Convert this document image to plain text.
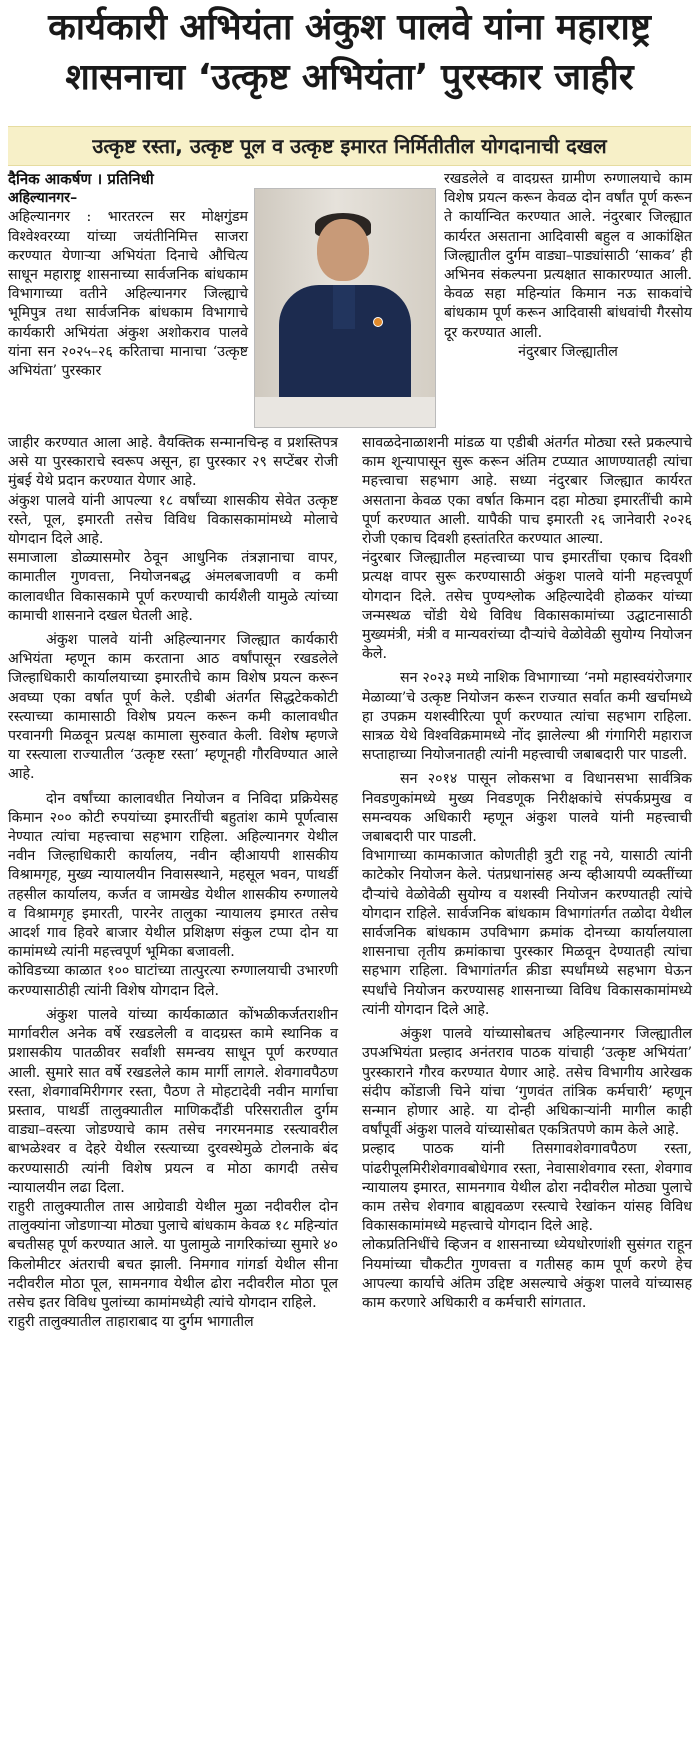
कार्यकारी अभियंता अंकुश पालवे यांना महाराष्ट्र
शासनाचा ‘उत्कृष्ट अभियंता’ पुरस्कार जाहीर
उत्कृष्ट रस्ता, उत्कृष्ट पूल व उत्कृष्ट इमारत निर्मितीतील योगदानाची दखल

दैनिक आकर्षण । प्रतिनिधी

अहिल्यानगर–

अहिल्यानगर : भारतरत्न सर मोक्षगुंडम विश्वेश्वरय्या यांच्या जयंतीनिमित्त साजरा करण्यात येणाऱ्या अभियंता दिनाचे औचित्य साधून महाराष्ट्र शासनाच्या सार्वजनिक बांधकाम विभागाच्या वतीने अहिल्यानगर जिल्ह्याचे भूमिपुत्र तथा सार्वजनिक बांधकाम विभागाचे कार्यकारी अभियंता अंकुश अशोकराव पालवे यांना सन २०२५–२६ करिताचा मानाचा ‘उत्कृष्ट अभियंता’ पुरस्कार

जाहीर करण्यात आला आहे. वैयक्तिक सन्मानचिन्ह व प्रशस्तिपत्र असे या पुरस्काराचे स्वरूप असून, हा पुरस्कार २९ सप्टेंबर रोजी मुंबई येथे प्रदान करण्यात येणार आहे.

अंकुश पालवे यांनी आपल्या १८ वर्षांच्या शासकीय सेवेत उत्कृष्ट रस्ते, पूल, इमारती तसेच विविध विकासकामांमध्ये मोलाचे योगदान दिले आहे.

समाजाला डोळ्यासमोर ठेवून आधुनिक तंत्रज्ञानाचा वापर, कामातील गुणवत्ता, नियोजनबद्ध अंमलबजावणी व कमी कालावधीत विकासकामे पूर्ण करण्याची कार्यशैली यामुळे त्यांच्या कामाची शासनाने दखल घेतली आहे.

अंकुश पालवे यांनी अहिल्यानगर जिल्ह्यात कार्यकारी अभियंता म्हणून काम करताना आठ वर्षांपासून रखडलेले जिल्हाधिकारी कार्यालयाच्या इमारतीचे काम विशेष प्रयत्न करून अवघ्या एका वर्षात पूर्ण केले. एडीबी अंतर्गत सिद्धटेककोटी रस्त्याच्या कामासाठी विशेष प्रयत्न करून कमी कालावधीत परवानगी मिळवून प्रत्यक्ष कामाला सुरुवात केली. विशेष म्हणजे या रस्त्याला राज्यातील ‘उत्कृष्ट रस्ता’ म्हणूनही गौरविण्यात आले आहे.

दोन वर्षांच्या कालावधीत नियोजन व निविदा प्रक्रियेसह किमान २०० कोटी रुपयांच्या इमारतींची बहुतांश कामे पूर्णत्वास नेण्यात त्यांचा महत्त्वाचा सहभाग राहिला. अहिल्यानगर येथील नवीन जिल्हाधिकारी कार्यालय, नवीन व्हीआयपी शासकीय विश्रामगृह, मुख्य न्यायालयीन निवासस्थाने, महसूल भवन, पाथर्डी तहसील कार्यालय, कर्जत व जामखेड येथील शासकीय रुग्णालये व विश्रामगृह इमारती, पारनेर तालुका न्यायालय इमारत तसेच आदर्श गाव हिवरे बाजार येथील प्रशिक्षण संकुल टप्पा दोन या कामांमध्ये त्यांनी महत्त्वपूर्ण भूमिका बजावली.

कोविडच्या काळात १०० घाटांच्या तात्पुरत्या रुग्णालयाची उभारणी करण्यासाठीही त्यांनी विशेष योगदान दिले.

अंकुश पालवे यांच्या कार्यकाळात कोंभळीकर्जतराशीन मार्गावरील अनेक वर्षे रखडलेली व वादग्रस्त कामे स्थानिक व प्रशासकीय पातळीवर सर्वांशी समन्वय साधून पूर्ण करण्यात आली. सुमारे सात वर्षे रखडलेले काम मार्गी लागले. शेवगावपैठण रस्ता, शेवगावमिरीगगर रस्ता, पैठण ते मोहटादेवी नवीन मार्गाचा प्रस्ताव, पाथर्डी तालुक्यातील माणिकदौंडी परिसरातील दुर्गम वाड्या–वस्त्या जोडण्याचे काम तसेच नगरमनमाड रस्त्यावरील बाभळेश्वर व देहरे येथील रस्त्याच्या दुरवस्थेमुळे टोलनाके बंद करण्यासाठी त्यांनी विशेष प्रयत्न व मोठा कागदी तसेच न्यायालयीन लढा दिला.

राहुरी तालुक्यातील तास आग्रेवाडी येथील मुळा नदीवरील दोन तालुक्यांना जोडणाऱ्या मोठ्या पुलाचे बांधकाम केवळ १८ महिन्यांत बचतीसह पूर्ण करण्यात आले. या पुलामुळे नागरिकांच्या सुमारे ४० किलोमीटर अंतराची बचत झाली. निमगाव गांगर्डा येथील सीना नदीवरील मोठा पूल, सामनगाव येथील ढोरा नदीवरील मोठा पूल तसेच इतर विविध पुलांच्या कामांमध्येही त्यांचे योगदान राहिले.

राहुरी तालुक्यातील ताहाराबाद या दुर्गम भागातील

रखडलेले व वादग्रस्त ग्रामीण रुग्णालयाचे काम विशेष प्रयत्न करून केवळ दोन वर्षांत पूर्ण करून ते कार्यान्वित करण्यात आले. नंदुरबार जिल्ह्यात कार्यरत असताना आदिवासी बहुल व आकांक्षित जिल्ह्यातील दुर्गम वाड्या–पाड्यांसाठी ‘साकव’ ही अभिनव संकल्पना प्रत्यक्षात साकारण्यात आली. केवळ सहा महिन्यांत किमान नऊ साकवांचे बांधकाम पूर्ण करून आदिवासी बांधवांची गैरसोय दूर करण्यात आली.

नंदुरबार जिल्ह्यातील

सावळदेनाळाशनी मांडळ या एडीबी अंतर्गत मोठ्या रस्ते प्रकल्पाचे काम शून्यापासून सुरू करून अंतिम टप्प्यात आणण्यातही त्यांचा महत्त्वाचा सहभाग आहे. सध्या नंदुरबार जिल्ह्यात कार्यरत असताना केवळ एका वर्षात किमान दहा मोठ्या इमारतींची कामे पूर्ण करण्यात आली. यापैकी पाच इमारती २६ जानेवारी २०२६ रोजी एकाच दिवशी हस्तांतरित करण्यात आल्या.

नंदुरबार जिल्ह्यातील महत्त्वाच्या पाच इमारतींचा एकाच दिवशी प्रत्यक्ष वापर सुरू करण्यासाठी अंकुश पालवे यांनी महत्त्वपूर्ण योगदान दिले. तसेच पुण्यश्लोक अहिल्यादेवी होळकर यांच्या जन्मस्थळ चोंडी येथे विविध विकासकामांच्या उद्घाटनासाठी मुख्यमंत्री, मंत्री व मान्यवरांच्या दौऱ्यांचे वेळोवेळी सुयोग्य नियोजन केले.

सन २०२३ मध्ये नाशिक विभागाच्या ‘नमो महास्वयंरोजगार मेळाव्या’चे उत्कृष्ट नियोजन करून राज्यात सर्वात कमी खर्चामध्ये हा उपक्रम यशस्वीरित्या पूर्ण करण्यात त्यांचा सहभाग राहिला. सात्रळ येथे विश्वविक्रमामध्ये नोंद झालेल्या श्री गंगागिरी महाराज सप्ताहाच्या नियोजनातही त्यांनी महत्त्वाची जबाबदारी पार पाडली.

सन २०१४ पासून लोकसभा व विधानसभा सार्वत्रिक निवडणुकांमध्ये मुख्य निवडणूक निरीक्षकांचे संपर्कप्रमुख व समन्वयक अधिकारी म्हणून अंकुश पालवे यांनी महत्त्वाची जबाबदारी पार पाडली.

विभागाच्या कामकाजात कोणतीही त्रुटी राहू नये, यासाठी त्यांनी काटेकोर नियोजन केले. पंतप्रधानांसह अन्य व्हीआयपी व्यक्तींच्या दौऱ्यांचे वेळोवेळी सुयोग्य व यशस्वी नियोजन करण्यातही त्यांचे योगदान राहिले. सार्वजनिक बांधकाम विभागांतर्गत तळोदा येथील सार्वजनिक बांधकाम उपविभाग क्रमांक दोनच्या कार्यालयाला शासनाचा तृतीय क्रमांकाचा पुरस्कार मिळवून देण्यातही त्यांचा सहभाग राहिला. विभागांतर्गत क्रीडा स्पर्धांमध्ये सहभाग घेऊन स्पर्धांचे नियोजन करण्यासह शासनाच्या विविध विकासकामांमध्ये त्यांनी योगदान दिले आहे.

अंकुश पालवे यांच्यासोबतच अहिल्यानगर जिल्ह्यातील उपअभियंता प्रल्हाद अनंतराव पाठक यांचाही ‘उत्कृष्ट अभियंता’ पुरस्काराने गौरव करण्यात येणार आहे. तसेच विभागीय आरेखक संदीप कोंडाजी चिने यांचा ‘गुणवंत तांत्रिक कर्मचारी’ म्हणून सन्मान होणार आहे. या दोन्ही अधिकाऱ्यांनी मागील काही वर्षांपूर्वी अंकुश पालवे यांच्यासोबत एकत्रितपणे काम केले आहे.

प्रल्हाद पाठक यांनी तिसगावशेवगावपैठण रस्ता, पांढरीपूलमिरीशेवगावबोधेगाव रस्ता, नेवासाशेवगाव रस्ता, शेवगाव न्यायालय इमारत, सामनगाव येथील ढोरा नदीवरील मोठ्या पुलाचे काम तसेच शेवगाव बाह्यवळण रस्त्याचे रेखांकन यांसह विविध विकासकामांमध्ये महत्त्वाचे योगदान दिले आहे.

लोकप्रतिनिधींचे व्हिजन व शासनाच्या ध्येयधोरणांशी सुसंगत राहून नियमांच्या चौकटीत गुणवत्ता व गतीसह काम पूर्ण करणे हेच आपल्या कार्याचे अंतिम उद्दिष्ट असल्याचे अंकुश पालवे यांच्यासह काम करणारे अधिकारी व कर्मचारी सांगतात.
